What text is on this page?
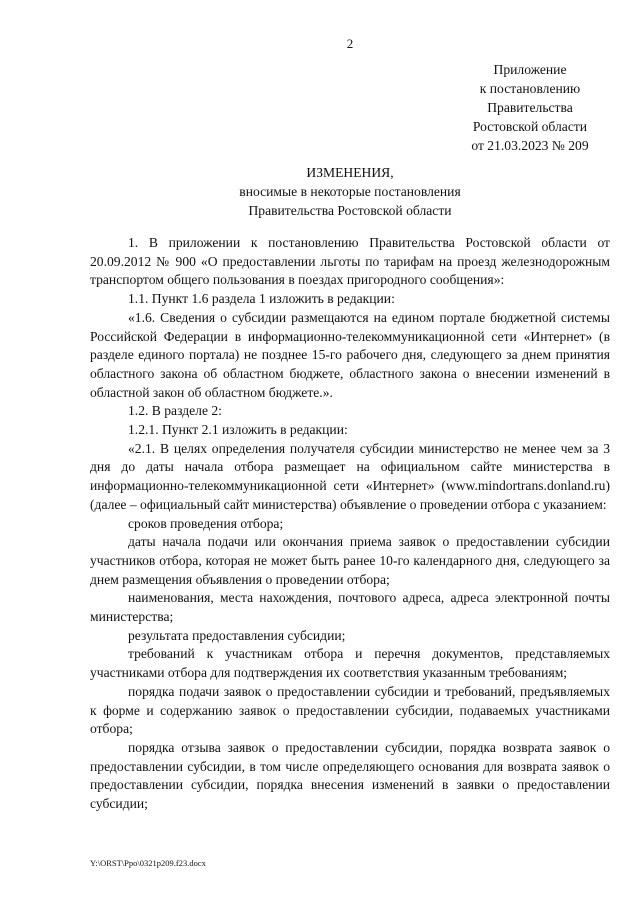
2
Приложение
к постановлению
Правительства
Ростовской области
от 21.03.2023 № 209
ИЗМЕНЕНИЯ,
вносимые в некоторые постановления
Правительства Ростовской области

1. В приложении к постановлению Правительства Ростовской области от 20.09.2012 № 900 «О предоставлении льготы по тарифам на проезд железнодорожным транспортом общего пользования в поездах пригородного сообщения»:

1.1. Пункт 1.6 раздела 1 изложить в редакции:

«1.6. Сведения о субсидии размещаются на едином портале бюджетной системы Российской Федерации в информационно-телекоммуникационной сети «Интернет» (в разделе единого портала) не позднее 15-го рабочего дня, следующего за днем принятия областного закона об областном бюджете, областного закона о внесении изменений в областной закон об областном бюджете.».

1.2. В разделе 2:

1.2.1. Пункт 2.1 изложить в редакции:

«2.1. В целях определения получателя субсидии министерство не менее чем за 3 дня до даты начала отбора размещает на официальном сайте министерства в информационно-телекоммуникационной сети «Интернет» (www.mindortrans.donland.ru) (далее – официальный сайт министерства) объявление о проведении отбора с указанием:

сроков проведения отбора;

даты начала подачи или окончания приема заявок о предоставлении субсидии участников отбора, которая не может быть ранее 10-го календарного дня, следующего за днем размещения объявления о проведении отбора;

наименования, места нахождения, почтового адреса, адреса электронной почты министерства;

результата предоставления субсидии;

требований к участникам отбора и перечня документов, представляемых участниками отбора для подтверждения их соответствия указанным требованиям;

порядка подачи заявок о предоставлении субсидии и требований, предъявляемых к форме и содержанию заявок о предоставлении субсидии, подаваемых участниками отбора;

порядка отзыва заявок о предоставлении субсидии, порядка возврата заявок о предоставлении субсидии, в том числе определяющего основания для возврата заявок о предоставлении субсидии, порядка внесения изменений в заявки о предоставлении субсидии;

Y:\ORST\Ppo\0321p209.f23.docx
